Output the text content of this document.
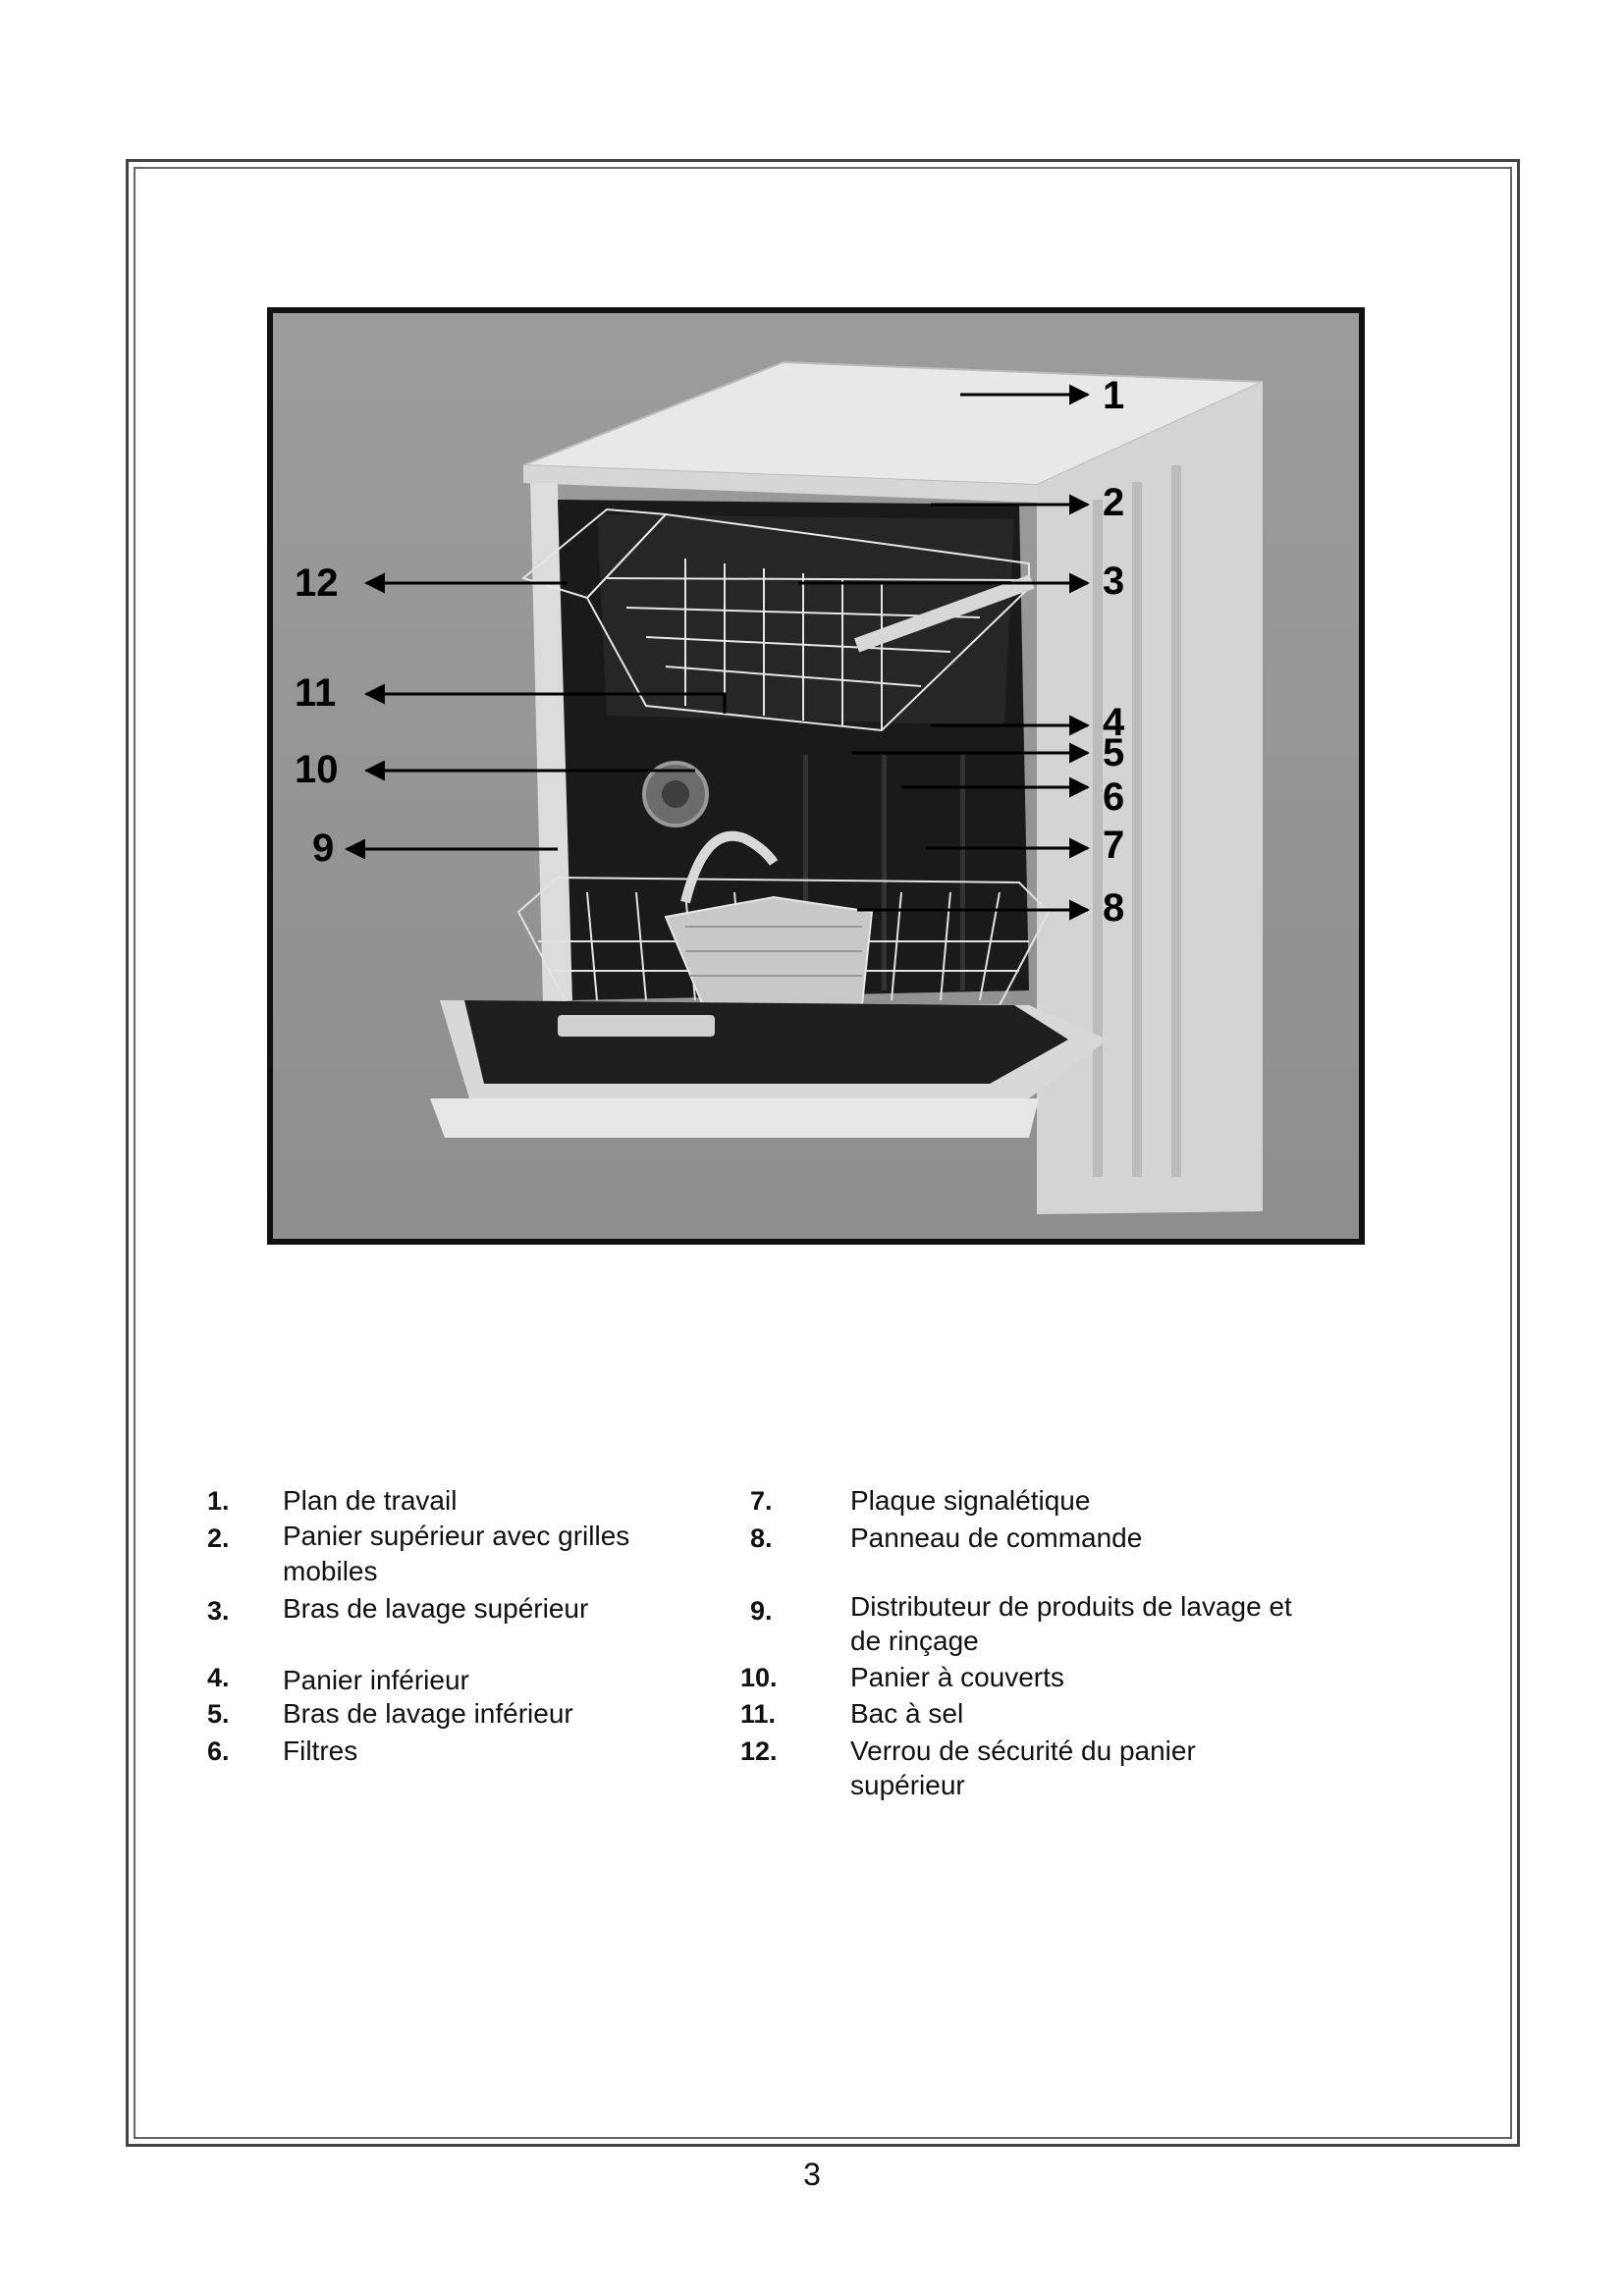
1
2
3
4
5
6
7
8
12
11
10
9
1. Plan de travail
2. Panier supérieur avec grilles
mobiles
3. Bras de lavage supérieur
4. Panier inférieur
5. Bras de lavage inférieur
6. Filtres
7.	Plaque signalétique
8.	Panneau de commande
9.	Distributeur de produits de lavage et
de rinçage
10.	Panier à couverts
11.	Bac à sel
12.	Verrou de sécurité du panier
supérieur
3
